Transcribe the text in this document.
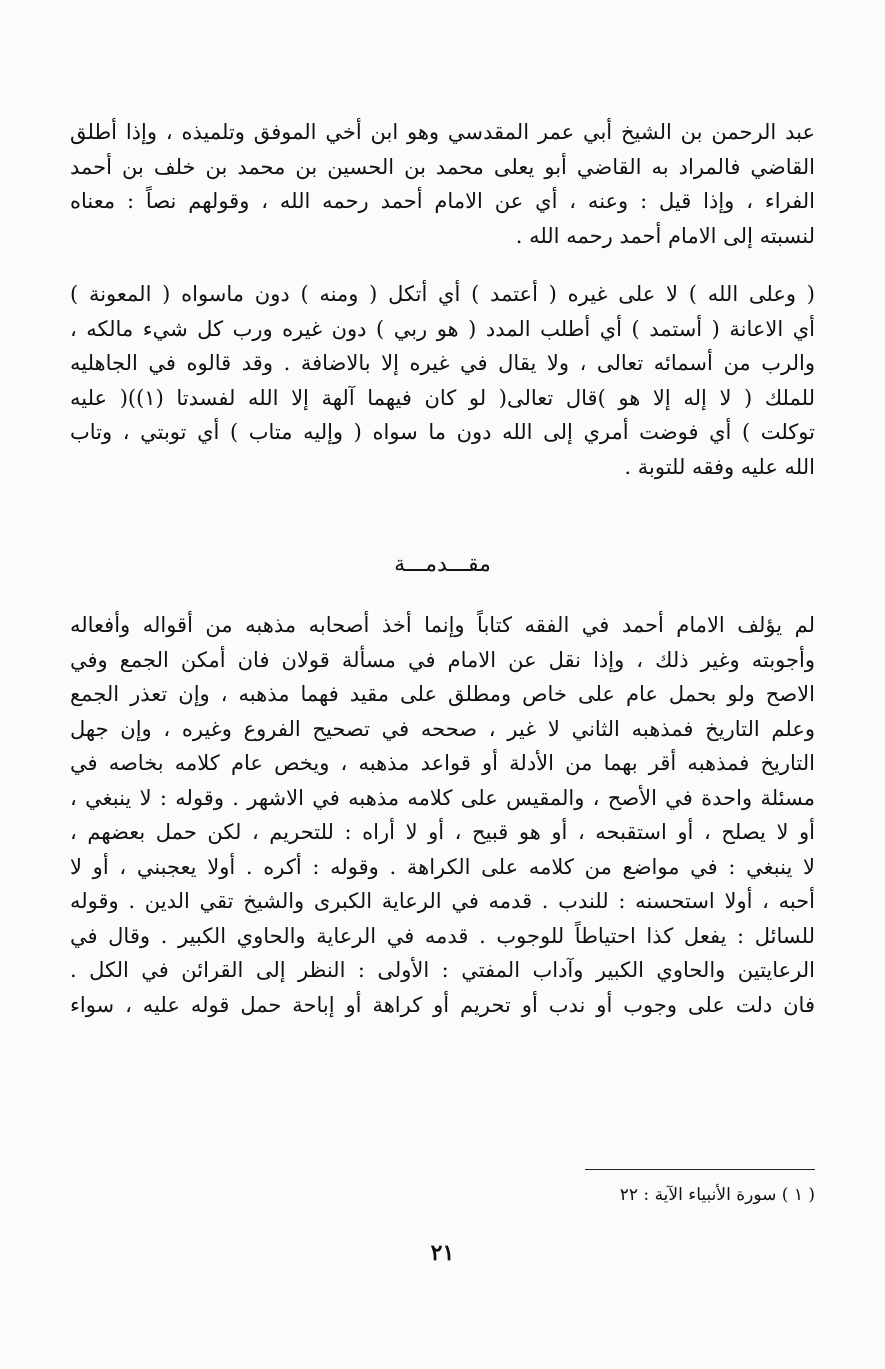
عبد الرحمن بن الشيخ أبي عمر المقدسي وهو ابن أخي الموفق وتلميذه ، وإذا أطلق
القاضي فالمراد به القاضي أبو يعلى محمد بن الحسين بن محمد بن خلف بن أحمد
الفراء ، وإذا قيل : وعنه ، أي عن الامام أحمد رحمه الله ، وقولهم نصاً : معناه
لنسبته إلى الامام أحمد رحمه الله .

( وعلى الله ) لا على غيره ( أعتمد ) أي أتكل ( ومنه ) دون ماسواه ( المعونة )
أي الاعانة ( أستمد ) أي أطلب المدد ( هو ربي ) دون غيره ورب كل شيء مالكه ،
والرب من أسمائه تعالى ، ولا يقال في غيره إلا بالاضافة . وقد قالوه في الجاهليه
للملك ( لا إله إلا هو )قال تعالى( لو كان فيهما آلهة إلا الله لفسدتا (١))( عليه
توكلت ) أي فوضت أمري إلى الله دون ما سواه ( وإليه متاب ) أي توبتي ، وتاب
الله عليه وفقه للتوبة .

مقـــدمـــة

لم يؤلف الامام أحمد في الفقه كتاباً وإنما أخذ أصحابه مذهبه من أقواله وأفعاله
وأجوبته وغير ذلك ، وإذا نقل عن الامام في مسألة قولان فان أمكن الجمع وفي
الاصح ولو بحمل عام على خاص ومطلق على مقيد فهما مذهبه ، وإن تعذر الجمع
وعلم التاريخ فمذهبه الثاني لا غير ، صححه في تصحيح الفروع وغيره ، وإن جهل
التاريخ فمذهبه أقر بهما من الأدلة أو قواعد مذهبه ، ويخص عام كلامه بخاصه في
مسئلة واحدة في الأصح ، والمقيس على كلامه مذهبه في الاشهر . وقوله : لا ينبغي ،
أو لا يصلح ، أو استقبحه ، أو هو قبيح ، أو لا أراه : للتحريم ، لكن حمل بعضهم ،
لا ينبغي : في مواضع من كلامه على الكراهة . وقوله : أكره . أولا يعجبني ، أو لا
أحبه ، أولا استحسنه : للندب . قدمه في الرعاية الكبرى والشيخ تقي الدين . وقوله
للسائل : يفعل كذا احتياطاً للوجوب . قدمه في الرعاية والحاوي الكبير . وقال في
الرعايتين والحاوي الكبير وآداب المفتي : الأولى : النظر إلى القرائن في الكل .
فان دلت على وجوب أو ندب أو تحريم أو كراهة أو إباحة حمل قوله عليه ، سواء

( ١ ) سورة الأنبياء الآية : ٢٢
٢١
